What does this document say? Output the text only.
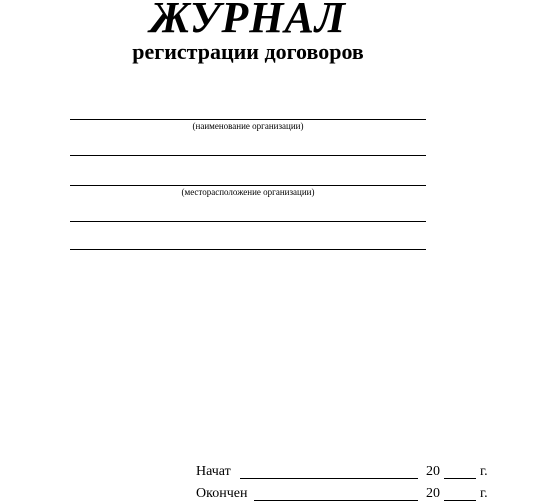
ЖУРНАЛ
регистрации договоров
(наименование организации)
(месторасположение организации)
Начат	20	г.
Окончен	20	г.
